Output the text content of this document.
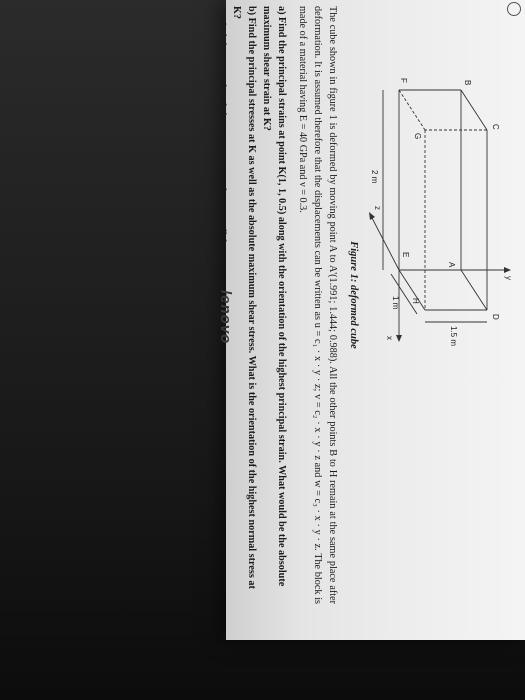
y
x
z
B
C
D
A
G
H
E
F
2 m
1 m
1.5 m
Figure 1: deformed cube
The cube shown in figure 1 is deformed by moving point A to A'(1.991; 1.444; 0.988). All the other points B to H remain at the same place after deformation. It is assumed therefore that the displacements can be written as u = c₁ · x · y · z; v = c₂ · x · y · z and w = c₃ · x · y · z. The block is made of a material having E = 40 GPa and ν = 0.3.
a) Find the principal strains at point K(1, 1, 0.5) along with the orientation of the highest principal strain. What would be the absolute maximum shear strain at K?
b) Find the principal stresses at K as well as the absolute maximum shear stress. What is the orientation of the highest normal stress at K?
lenovo
